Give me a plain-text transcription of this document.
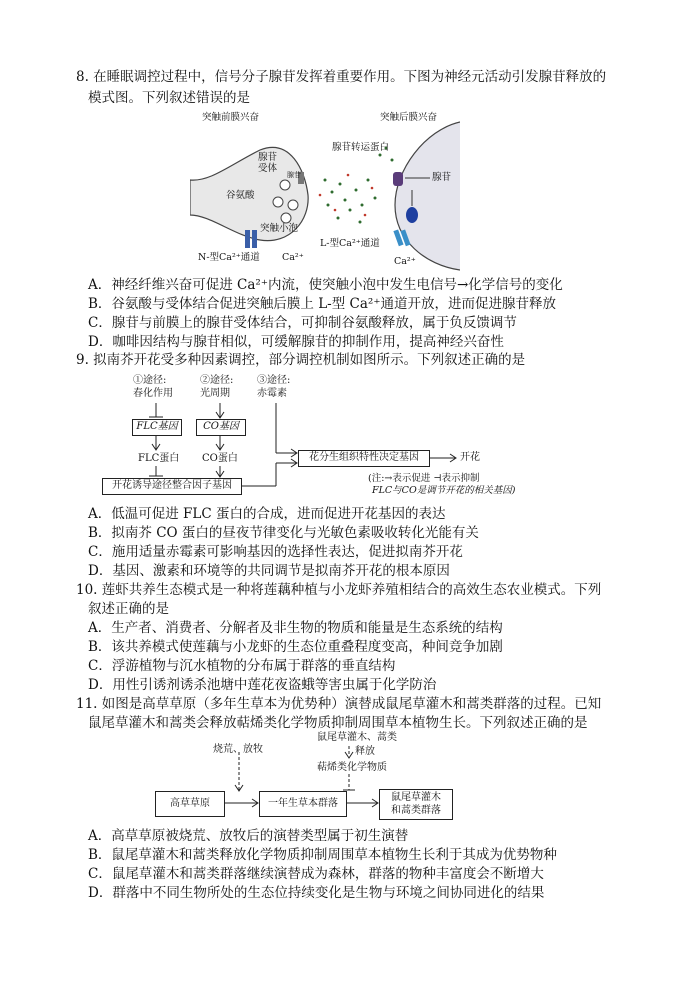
8. 在睡眠调控过程中，信号分子腺苷发挥着重要作用。下图为神经元活动引发腺苷释放的
模式图。下列叙述错误的是
突触前膜兴奋	突触后膜兴奋
腺苷
受体
腺苷
谷氨酸
突触小泡
N-型Ca²⁺通道 Ca²⁺
腺苷转运蛋白
腺苷
L-型Ca²⁺通道
Ca²⁺
A．神经纤维兴奋可促进 Ca²⁺内流，使突触小泡中发生电信号→化学信号的变化
B．谷氨酸与受体结合促进突触后膜上 L-型 Ca²⁺通道开放，进而促进腺苷释放
C．腺苷与前膜上的腺苷受体结合，可抑制谷氨酸释放，属于负反馈调节
D．咖啡因结构与腺苷相似，可缓解腺苷的抑制作用，提高神经兴奋性
9. 拟南芥开花受多种因素调控，部分调控机制如图所示。下列叙述正确的是
①途径:
春化作用
②途径:
光周期
③途径:
赤霉素
FLC基因	CO基因
FLC蛋白 CO蛋白
开花诱导途径整合因子基因
花分生组织特性决定基因	开花
(注:→表示促进 ⊣表示抑制
FLC与CO是调节开花的相关基因)
A．低温可促进 FLC 蛋白的合成，进而促进开花基因的表达
B．拟南芥 CO 蛋白的昼夜节律变化与光敏色素吸收转化光能有关
C．施用适量赤霉素可影响基因的选择性表达，促进拟南芥开花
D．基因、激素和环境等的共同调节是拟南芥开花的根本原因
10. 莲虾共养生态模式是一种将莲藕种植与小龙虾养殖相结合的高效生态农业模式。下列
叙述正确的是
A．生产者、消费者、分解者及非生物的物质和能量是生态系统的结构
B．该共养模式使莲藕与小龙虾的生态位重叠程度变高，种间竞争加剧
C．浮游植物与沉水植物的分布属于群落的垂直结构
D．用性引诱剂诱杀池塘中莲花夜盗蛾等害虫属于化学防治
11. 如图是高草草原（多年生草本为优势种）演替成鼠尾草灌木和蒿类群落的过程。已知
鼠尾草灌木和蒿类会释放萜烯类化学物质抑制周围草本植物生长。下列叙述正确的是
鼠尾草灌木、蒿类
烧荒、放牧	释放
萜烯类化学物质
高草草原	一年生草本群落
鼠尾草灌木
和蒿类群落
A．高草草原被烧荒、放牧后的演替类型属于初生演替
B．鼠尾草灌木和蒿类释放化学物质抑制周围草本植物生长利于其成为优势物种
C．鼠尾草灌木和蒿类群落继续演替成为森林，群落的物种丰富度会不断增大
D．群落中不同生物所处的生态位持续变化是生物与环境之间协同进化的结果
